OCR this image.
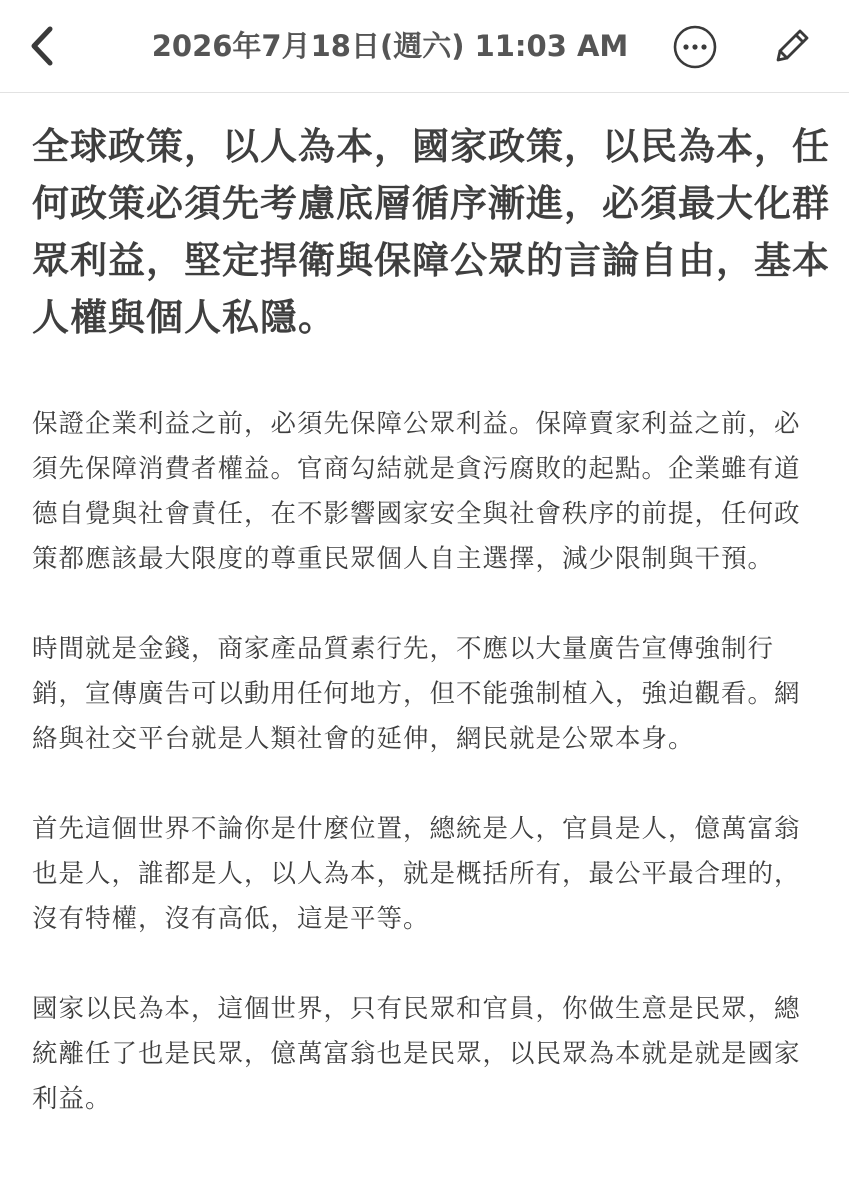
2026年7月18日(週六) 11:03 AM
全球政策，以人為本，國家政策，以民為本，任何政策必須先考慮底層循序漸進，必須最大化群眾利益，堅定捍衛與保障公眾的言論自由，基本人權與個人私隱。

保證企業利益之前，必須先保障公眾利益。保障賣家利益之前，必須先保障消費者權益。官商勾結就是貪污腐敗的起點。企業雖有道德自覺與社會責任，在不影響國家安全與社會秩序的前提，任何政策都應該最大限度的尊重民眾個人自主選擇，減少限制與干預。

時間就是金錢，商家產品質素行先，不應以大量廣告宣傳強制行銷，宣傳廣告可以動用任何地方，但不能強制植入，強迫觀看。網絡與社交平台就是人類社會的延伸，網民就是公眾本身。

首先這個世界不論你是什麼位置，總統是人，官員是人，億萬富翁也是人，誰都是人，以人為本，就是概括所有，最公平最合理的，沒有特權，沒有高低，這是平等。

國家以民為本，這個世界，只有民眾和官員，你做生意是民眾，總統離任了也是民眾，億萬富翁也是民眾，以民眾為本就是就是國家利益。
